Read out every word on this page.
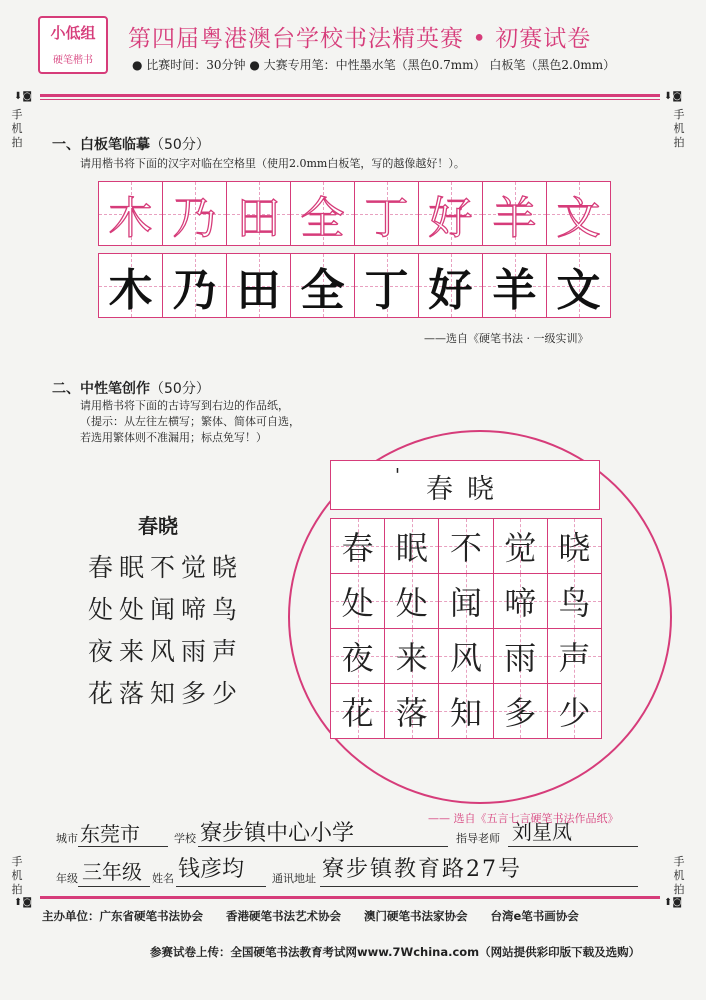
小低组
硬笔楷书
第四届粤港澳台学校书法精英赛 • 初赛试卷
● 比赛时间：30分钟 ● 大赛专用笔：中性墨水笔（黑色0.7mm） 白板笔（黑色2.0mm）
⬇◙
手
机
拍
⬇◙
手
机
拍
手
机
拍
⬆◙
手
机
拍
⬆◙
一、白板笔临摹（50分）
请用楷书将下面的汉字对临在空格里（使用2.0mm白板笔，写的越像越好！）。
木 乃 田 全 丁 好 羊 文
木 乃 田 全 丁 好 羊 文
——选自《硬笔书法 · 一级实训》
二、中性笔创作（50分）
请用楷书将下面的古诗写到右边的作品纸，
（提示：从左往左横写；繁体、简体可自选，
若选用繁体则不准漏用；标点免写！）
春晓
春眠不觉晓
处处闻啼鸟
夜来风雨声
花落知多少
' 春晓
春 眠 不 觉 晓
处 处 闻 啼 鸟
夜 来 风 雨 声
花 落 知 多 少
—— 选自《五言七言硬笔书法作品纸》
城市 东莞市	学校 寮步镇中心小学	指导老师 刘星凤
年级 三年级 姓名 钱彦均	通讯地址 寮步镇教育路27号
主办单位：广东省硬笔书法协会　　香港硬笔书法艺术协会　　澳门硬笔书法家协会　　台湾e笔书画协会
参赛试卷上传：全国硬笔书法教育考试网www.7Wchina.com（网站提供彩印版下载及选购）
